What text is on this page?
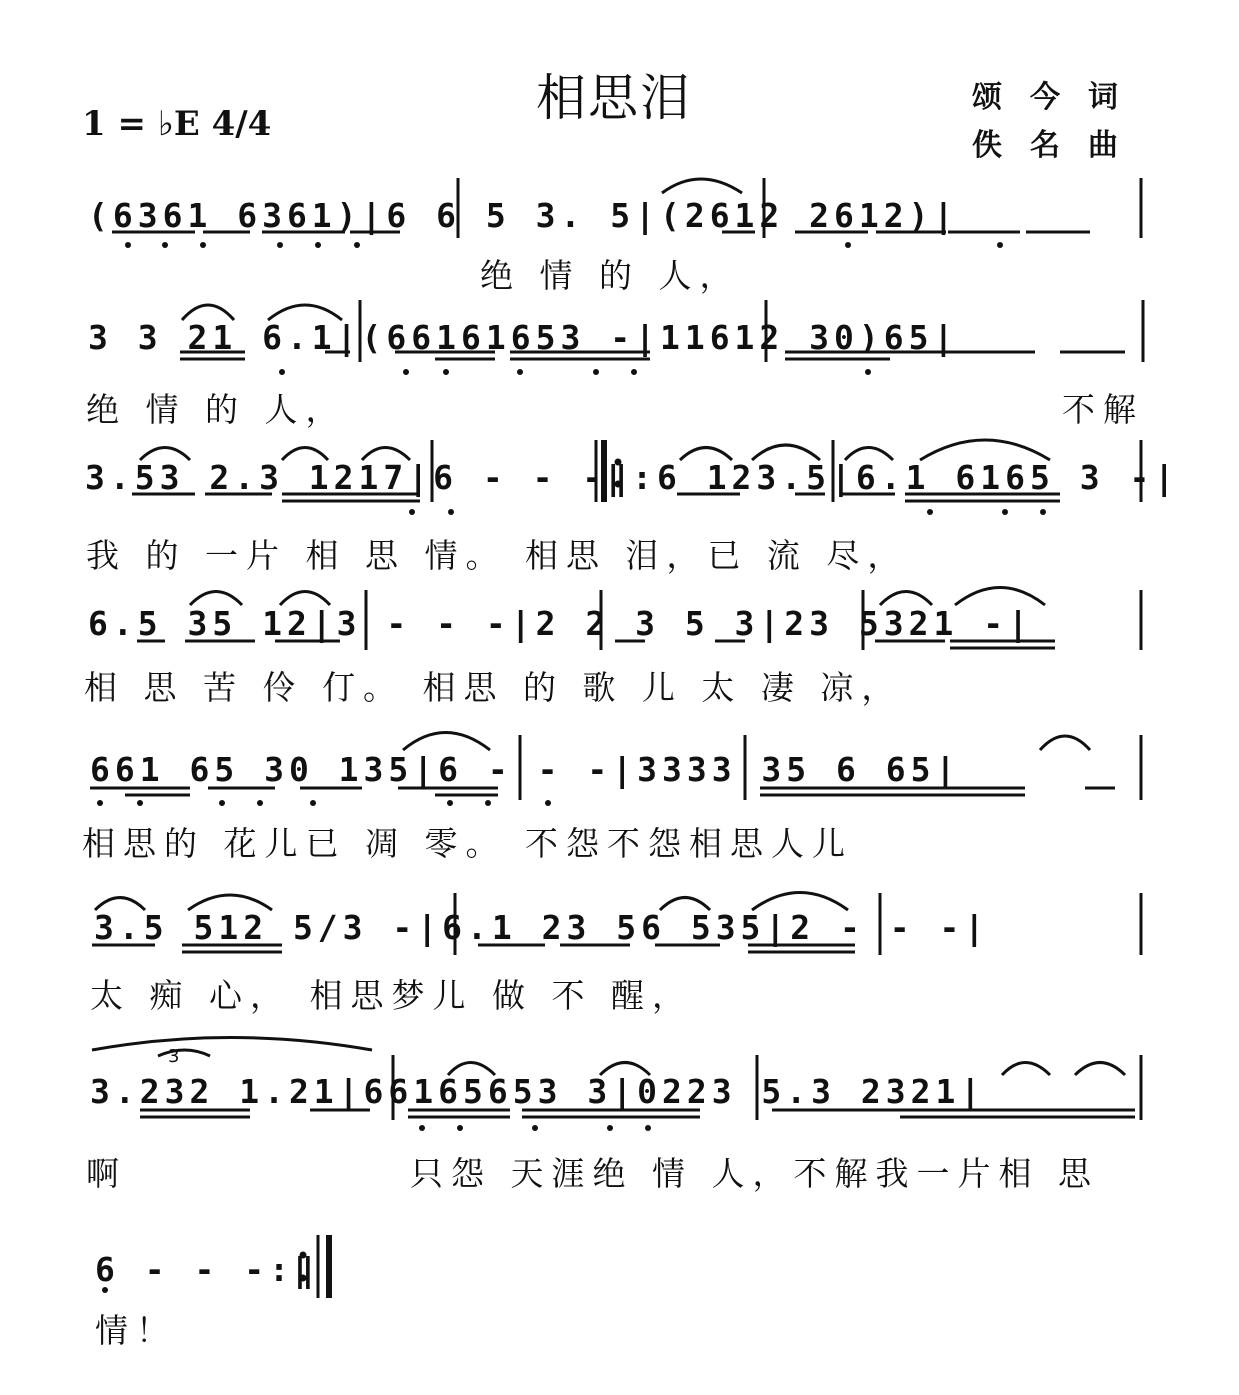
3
相思泪
1 = ♭E 4/4
颂今词
佚名曲
(6361 6361)|6 6 5 3. 5|(2612 2612)|
绝 情 的 人，
3 3 21 6.1|(66161653 -|11612 30)65|
绝 情 的 人，	不解
3.53 2.3 1217|6 - - -‖:6 123.5|6.1 6165 3 -|
我 的 一片 相 思 情。 相思 泪，已 流 尽，
6.5 35 12|3 - - -|2 2 3 5 3|23 5321 -|
相 思 苦 伶 仃。 相思 的 歌 儿 太 凄 凉，
661 65 30 135|6 - - -|3333 35 6 65|
相思的 花儿已 凋 零。 不怨不怨相思人儿
3.5 512 5/3 -|6.1 23 56 535|2 - - -|
太 痴 心， 相思梦儿 做 不 醒，
3.232 1.21|66165653 3|0223 5.3 2321|
啊	只怨 天涯绝 情 人，不解我一片相 思
6 - - -:‖
情！
